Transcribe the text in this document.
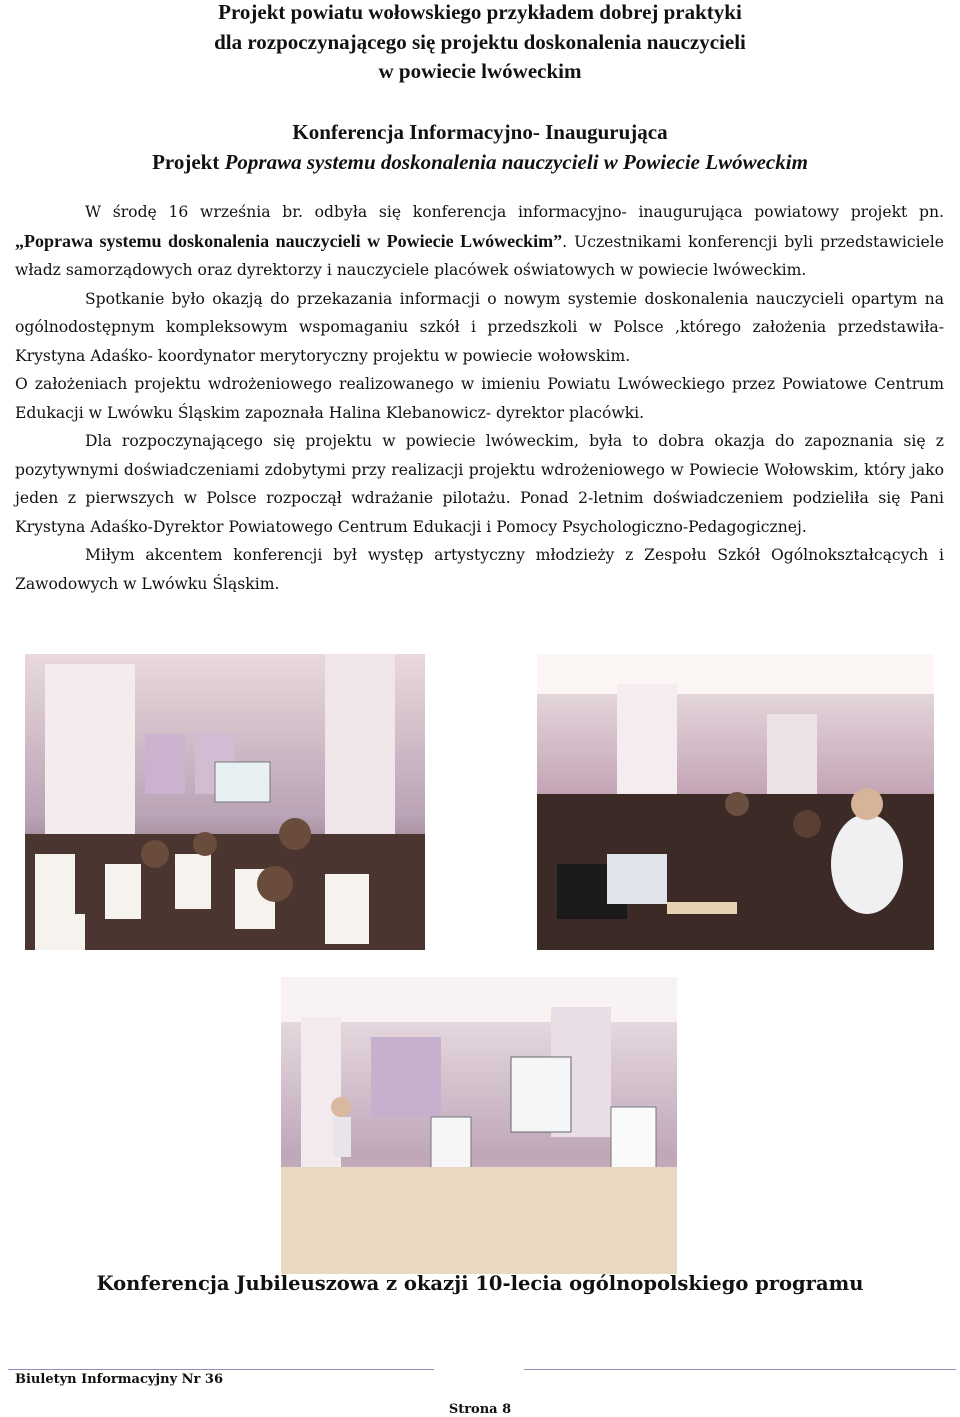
Projekt powiatu wołowskiego przykładem dobrej praktyki
dla rozpoczynającego się projektu doskonalenia nauczycieli
w powiecie lwóweckim
Konferencja Informacyjno- Inaugurująca
Projekt Poprawa systemu doskonalenia nauczycieli w Powiecie Lwóweckim

W środę 16 września br. odbyła się konferencja informacyjno- inaugurująca powiatowy projekt pn. „Poprawa systemu doskonalenia nauczycieli w Powiecie Lwóweckim”. Uczestnikami konferencji byli przedstawiciele władz samorządowych oraz dyrektorzy i nauczyciele placówek oświatowych w powiecie lwóweckim.

Spotkanie było okazją do przekazania informacji o nowym systemie doskonalenia nauczycieli opartym na ogólnodostępnym kompleksowym wspomaganiu szkół i przedszkoli w Polsce ,którego założenia przedstawiła-Krystyna Adaśko- koordynator merytoryczny projektu w powiecie wołowskim.

O założeniach projektu wdrożeniowego realizowanego w imieniu Powiatu Lwóweckiego przez Powiatowe Centrum Edukacji w Lwówku Śląskim zapoznała Halina Klebanowicz- dyrektor placówki.

Dla rozpoczynającego się projektu w powiecie lwóweckim, była to dobra okazja do zapoznania się z pozytywnymi doświadczeniami zdobytymi przy realizacji projektu wdrożeniowego w Powiecie Wołowskim, który jako jeden z pierwszych w Polsce rozpoczął wdrażanie pilotażu. Ponad 2-letnim doświadczeniem podzieliła się Pani Krystyna Adaśko-Dyrektor Powiatowego Centrum Edukacji i Pomocy Psychologiczno-Pedagogicznej.

Miłym akcentem konferencji był występ artystyczny młodzieży z Zespołu Szkół Ogólnokształcących i Zawodowych w Lwówku Śląskim.

Konferencja Jubileuszowa z okazji 10-lecia ogólnopolskiego programu
Biuletyn Informacyjny Nr 36
Strona 8
